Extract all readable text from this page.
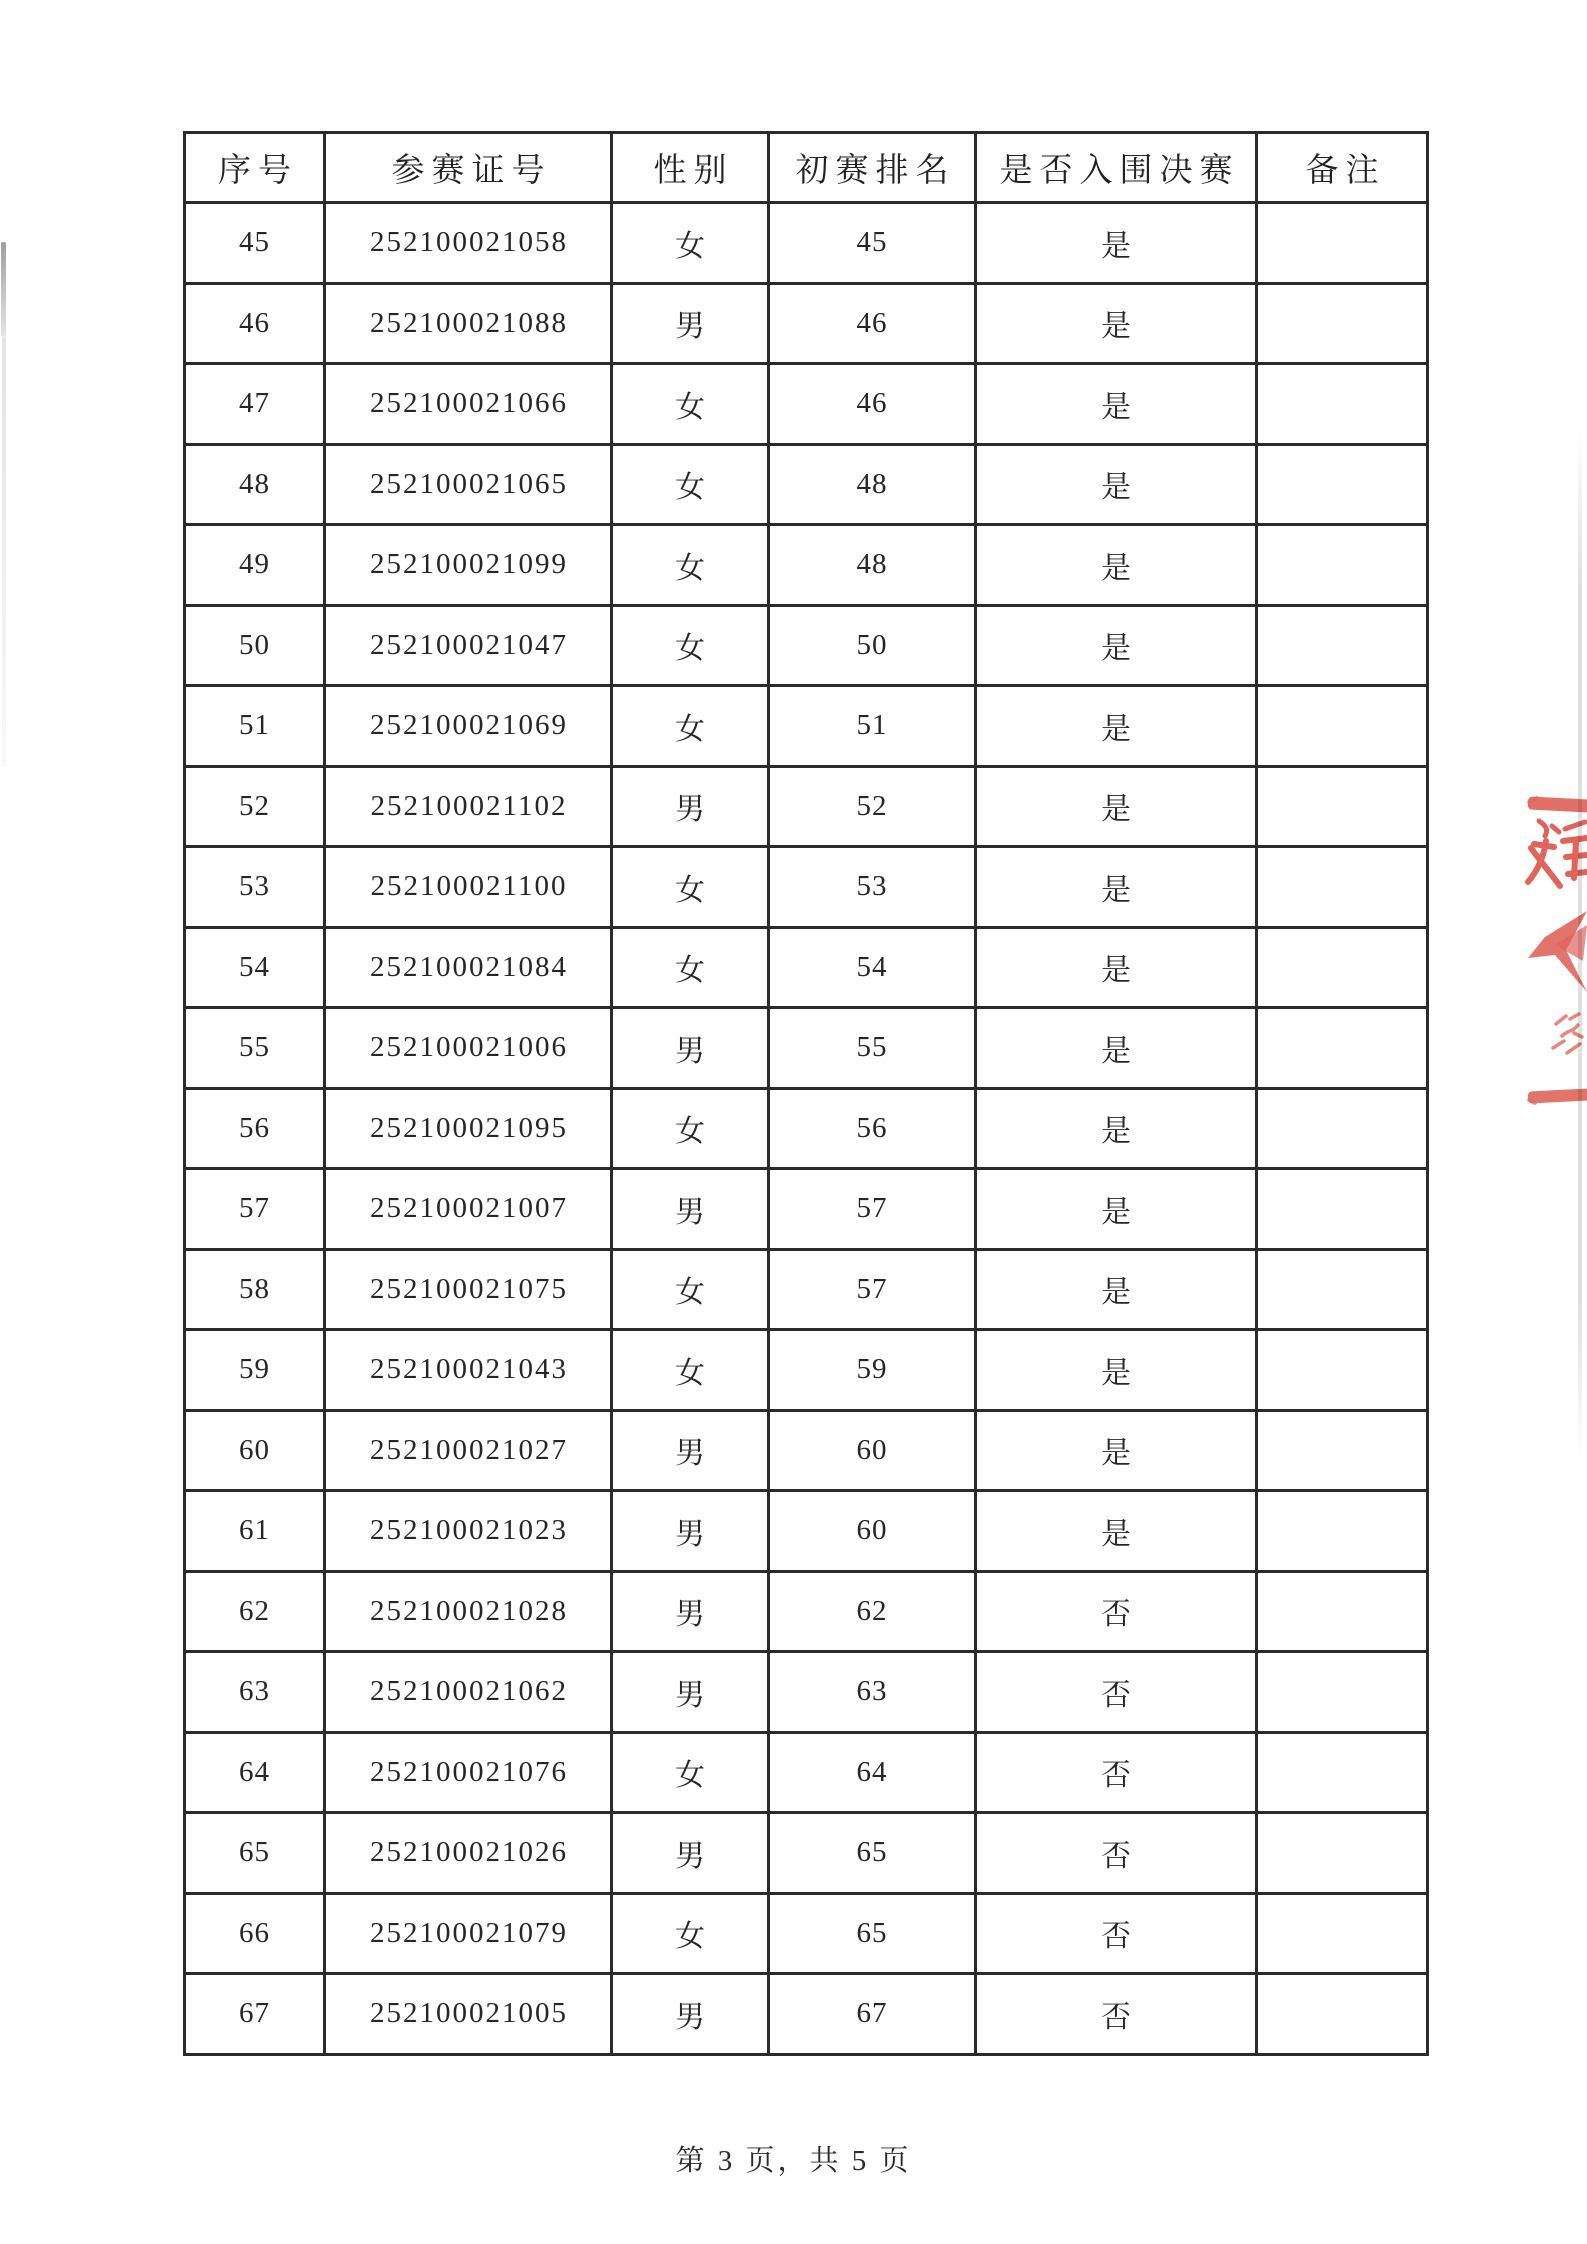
序号	参赛证号	性别	初赛排名	是否入围决赛	备注
45	252100021058	女	45	是	
46	252100021088	男	46	是	
47	252100021066	女	46	是	
48	252100021065	女	48	是	
49	252100021099	女	48	是	
50	252100021047	女	50	是	
51	252100021069	女	51	是	
52	252100021102	男	52	是	
53	252100021100	女	53	是	
54	252100021084	女	54	是	
55	252100021006	男	55	是	
56	252100021095	女	56	是	
57	252100021007	男	57	是	
58	252100021075	女	57	是	
59	252100021043	女	59	是	
60	252100021027	男	60	是	
61	252100021023	男	60	是	
62	252100021028	男	62	否	
63	252100021062	男	63	否	
64	252100021076	女	64	否	
65	252100021026	男	65	否	
66	252100021079	女	65	否	
67	252100021005	男	67	否	
第 3 页，共 5 页
